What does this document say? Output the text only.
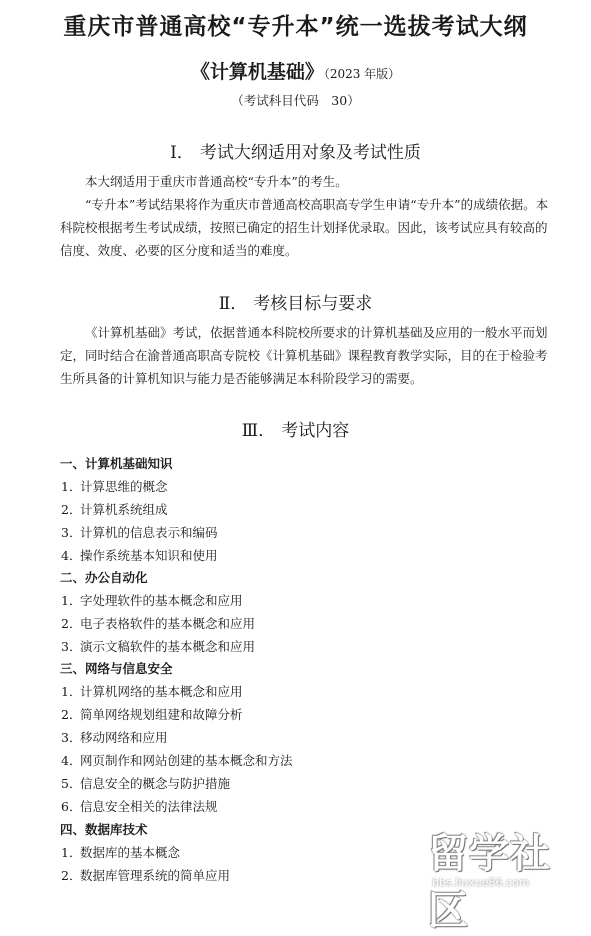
重庆市普通高校“专升本”统一选拔考试大纲
《计算机基础》（2023 年版）
（考试科目代码　30）
Ⅰ． 考试大纲适用对象及考试性质

本大纲适用于重庆市普通高校“专升本”的考生。

“专升本”考试结果将作为重庆市普通高校高职高专学生申请“专升本”的成绩依据。本科院校根据考生考试成绩，按照已确定的招生计划择优录取。因此，该考试应具有较高的信度、效度、必要的区分度和适当的难度。

Ⅱ． 考核目标与要求

《计算机基础》考试，依据普通本科院校所要求的计算机基础及应用的一般水平而划定，同时结合在渝普通高职高专院校《计算机基础》课程教育教学实际，目的在于检验考生所具备的计算机知识与能力是否能够满足本科阶段学习的需要。

Ⅲ． 考试内容
一、计算机基础知识
1．计算思维的概念
2．计算机系统组成
3．计算机的信息表示和编码
4．操作系统基本知识和使用
二、办公自动化
1．字处理软件的基本概念和应用
2．电子表格软件的基本概念和应用
3．演示文稿软件的基本概念和应用
三、网络与信息安全
1．计算机网络的基本概念和应用
2．简单网络规划组建和故障分析
3．移动网络和应用
4．网页制作和网站创建的基本概念和方法
5．信息安全的概念与防护措施
6．信息安全相关的法律法规
四、数据库技术
1．数据库的基本概念
2．数据库管理系统的简单应用	留学社区
bbs.liuxue86.com
